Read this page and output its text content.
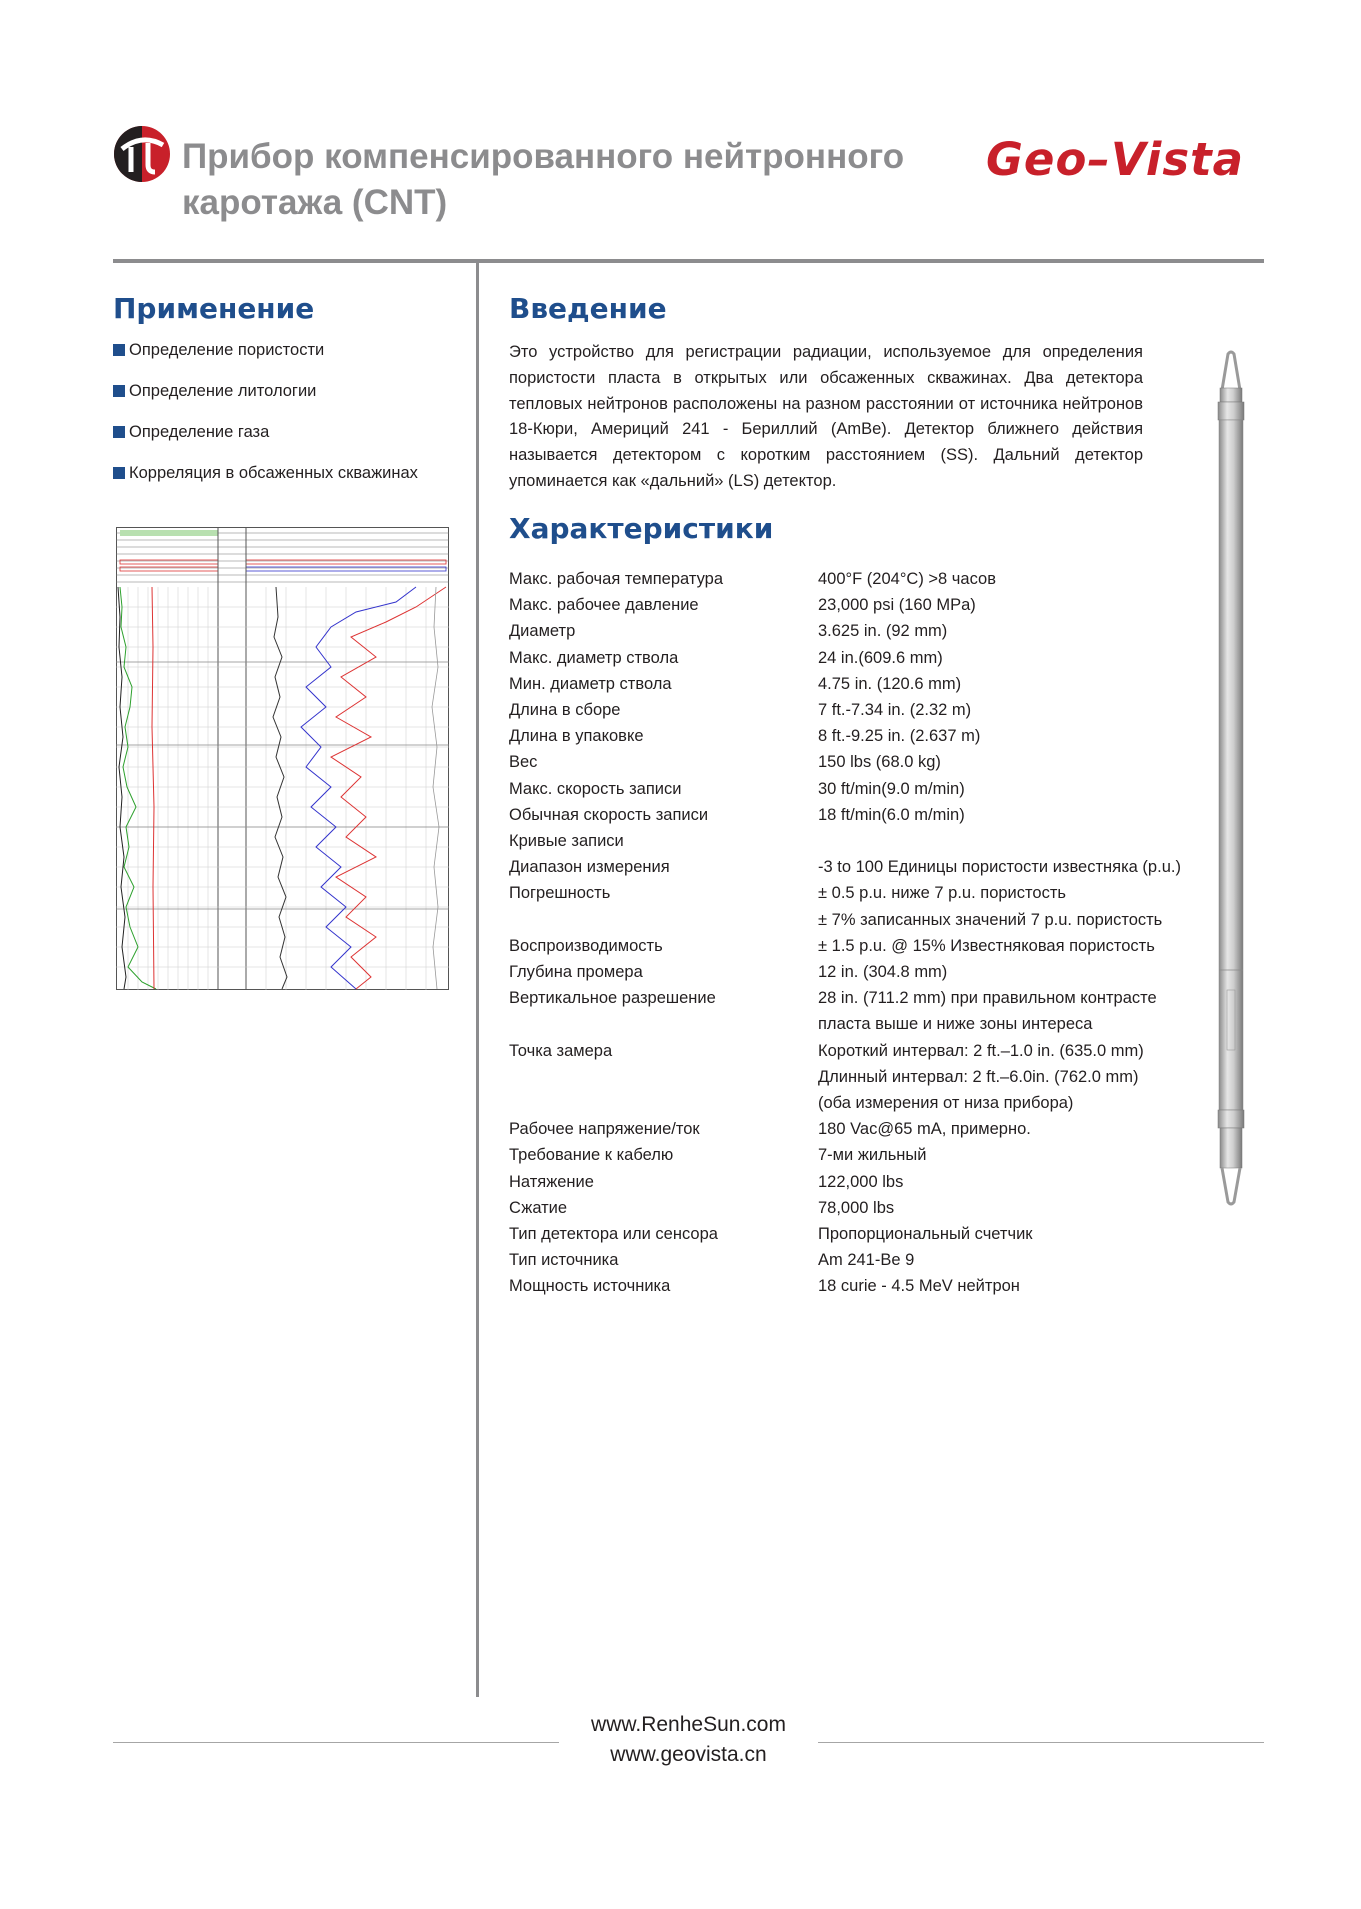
Прибор компенсированного нейтронного
каротажа (CNT)
Geo–Vista
Применение
Определение пористости
Определение литологии
Определение газа
Корреляция в обсаженных скважинах
Введение

Это устройство для регистрации радиации, используемое для определения пористости пласта в открытых или обсаженных скважинах. Два детектора тепловых нейтронов расположены на разном расстоянии от источника нейтронов 18-Кюри, Америций 241 - Бериллий (AmBe). Детектор ближнего действия называется детектором с коротким расстоянием (SS). Дальний детектор упоминается как «дальний» (LS) детектор.

Характеристики
Макс. рабочая температура	400°F (204°C) >8 часов
Макс. рабочее давление	23,000 psi (160 MPa)
Диаметр	3.625 in. (92 mm)
Макс. диаметр ствола	24 in.(609.6 mm)
Мин. диаметр ствола	4.75 in. (120.6 mm)
Длина в сборе	7 ft.-7.34 in. (2.32 m)
Длина в упаковке	8 ft.-9.25 in. (2.637 m)
Вес	150 lbs (68.0 kg)
Макс. скорость записи	30 ft/min(9.0 m/min)
Обычная скорость записи	18 ft/min(6.0 m/min)
Кривые записи
Диапазон измерения	-3 to 100 Единицы пористости известняка (p.u.)
Погрешность	± 0.5 p.u. ниже 7 p.u. пористость
± 7% записанных значений 7 p.u. пористость
Воспроизводимость	± 1.5 p.u. @ 15% Известняковая пористость
Глубина промера	12 in. (304.8 mm)
Вертикальное разрешение	28 in. (711.2 mm) при правильном контрасте
пласта выше и ниже зоны интереса
Точка замера	Короткий интервал: 2 ft.–1.0 in. (635.0 mm)
Длинный интервал: 2 ft.–6.0in. (762.0 mm)
(оба измерения от низа прибора)
Рабочее напряжение/ток	180 Vac@65 mA, примерно.
Требование к кабелю	7-ми жильный
Натяжение	122,000 lbs
Сжатие	78,000 lbs
Тип детектора или сенсора	Пропорциональный счетчик
Тип источника	Am 241-Be 9
Мощность источника	18 curie - 4.5 MeV нейтрон
www.RenheSun.com
www.geovista.cn
